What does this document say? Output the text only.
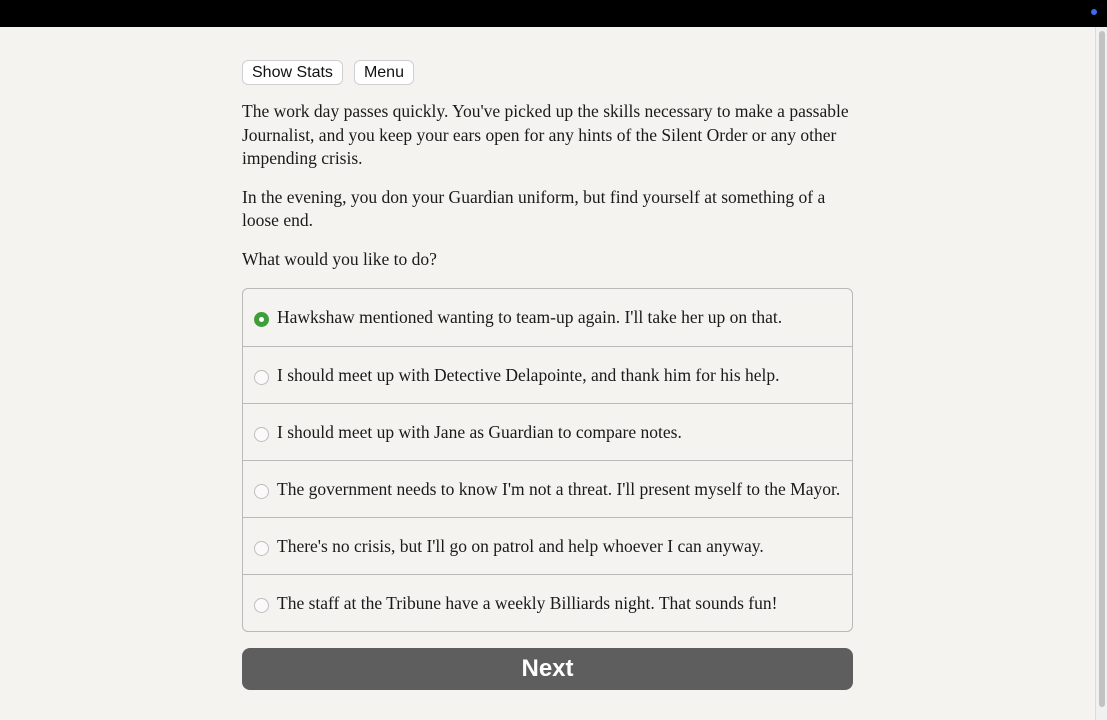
Show Stats	Menu

The work day passes quickly. You've picked up the skills necessary to make a passable Journalist, and you keep your ears open for any hints of the Silent Order or any other impending crisis.

In the evening, you don your Guardian uniform, but find yourself at something of a loose end.

What would you like to do?

Hawkshaw mentioned wanting to team-up again. I'll take her up on that.
I should meet up with Detective Delapointe, and thank him for his help.
I should meet up with Jane as Guardian to compare notes.
The government needs to know I'm not a threat. I'll present myself to the Mayor.
There's no crisis, but I'll go on patrol and help whoever I can anyway.
The staff at the Tribune have a weekly Billiards night. That sounds fun!
Next
